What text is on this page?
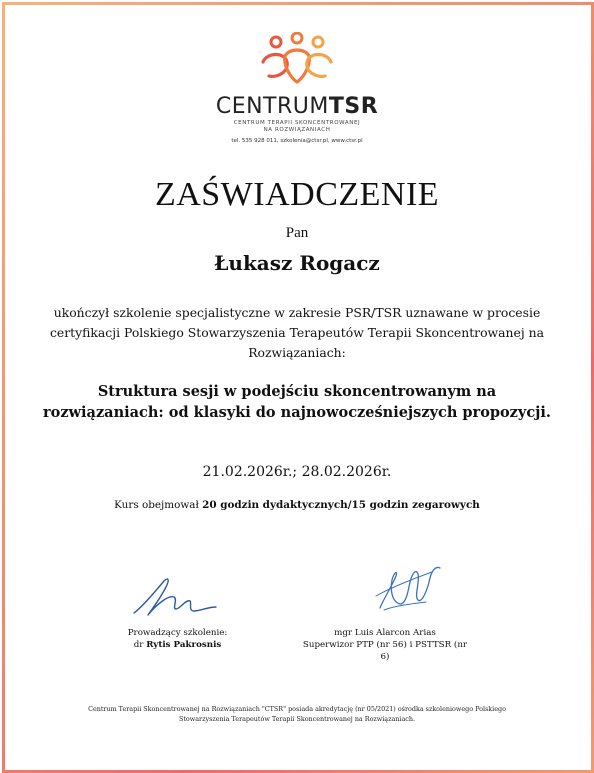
CENTRUMTSR
CENTRUM TERAPII SKONCENTROWANEJ
NA ROZWIĄZANIACH
tel. 535 928 011, szkolenia@ctsr.pl, www.ctsr.pl
ZAŚWIADCZENIE
Pan
Łukasz Rogacz
ukończył szkolenie specjalistyczne w zakresie PSR/TSR uznawane w procesie certyfikacji Polskiego Stowarzyszenia Terapeutów Terapii Skoncentrowanej na Rozwiązaniach:
Struktura sesji w podejściu skoncentrowanym na rozwiązaniach: od klasyki do najnowocześniejszych propozycji.
21.02.2026r.; 28.02.2026r.
Kurs obejmował 20 godzin dydaktycznych/15 godzin zegarowych
Prowadzący szkolenie:
dr Rytis Pakrosnis
mgr Luis Alarcon Arias
Superwizor PTP (nr 56) i PSTTSR (nr 6)
Centrum Terapii Skoncentrowanej na Rozwiązaniach "CTSR" posiada akredytację (nr 05/2021) ośrodka szkoleniowego Polskiego
Stowarzyszenia Terapeutów Terapii Skoncentrowanej na Rozwiązaniach.
